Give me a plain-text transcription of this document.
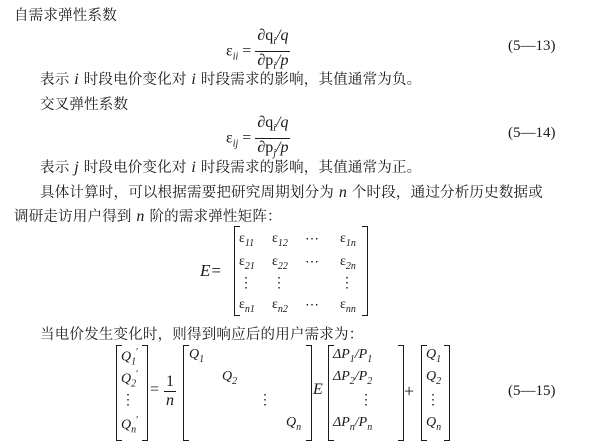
自需求弹性系数
$\varepsilon_{ii} = \frac{\partial q_i/q}{\partial p_i/p}$	(5—13)
表示 i 时段电价变化对 i 时段需求的影响，其值通常为负。
交叉弹性系数
$\varepsilon_{ij} = \frac{\partial q_i/q}{\partial p_j/p}$	(5—14)
表示 j 时段电价变化对 i 时段需求的影响，其值通常为正。
具体计算时，可以根据需要把研究周期划分为 n 个时段，通过分析历史数据或
调研走访用户得到 n 阶的需求弹性矩阵：
E=
$\varepsilon_{11}$ $\varepsilon_{12}$ ⋯ $\varepsilon_{1n}$
$\varepsilon_{21}$ $\varepsilon_{22}$ ⋯ $\varepsilon_{2n}$
⋮ ⋮	⋮
$\varepsilon_{n1}$ $\varepsilon_{n2}$ ⋯ $\varepsilon_{nn}$
当电价发生变化时，则得到响应后的用户需求为：
$Q_1'$
$Q_2'$
⋮
$Q_n'$
= $\frac{1}{n}$
$Q_1$
$Q_2$
⋮
$Q_n$
E
$\Delta P_1/P_1$
$\Delta P_2/P_2$
⋮
$\Delta P_n/P_n$
+
$Q_1$
$Q_2$
⋮
$Q_n$
(5—15)
